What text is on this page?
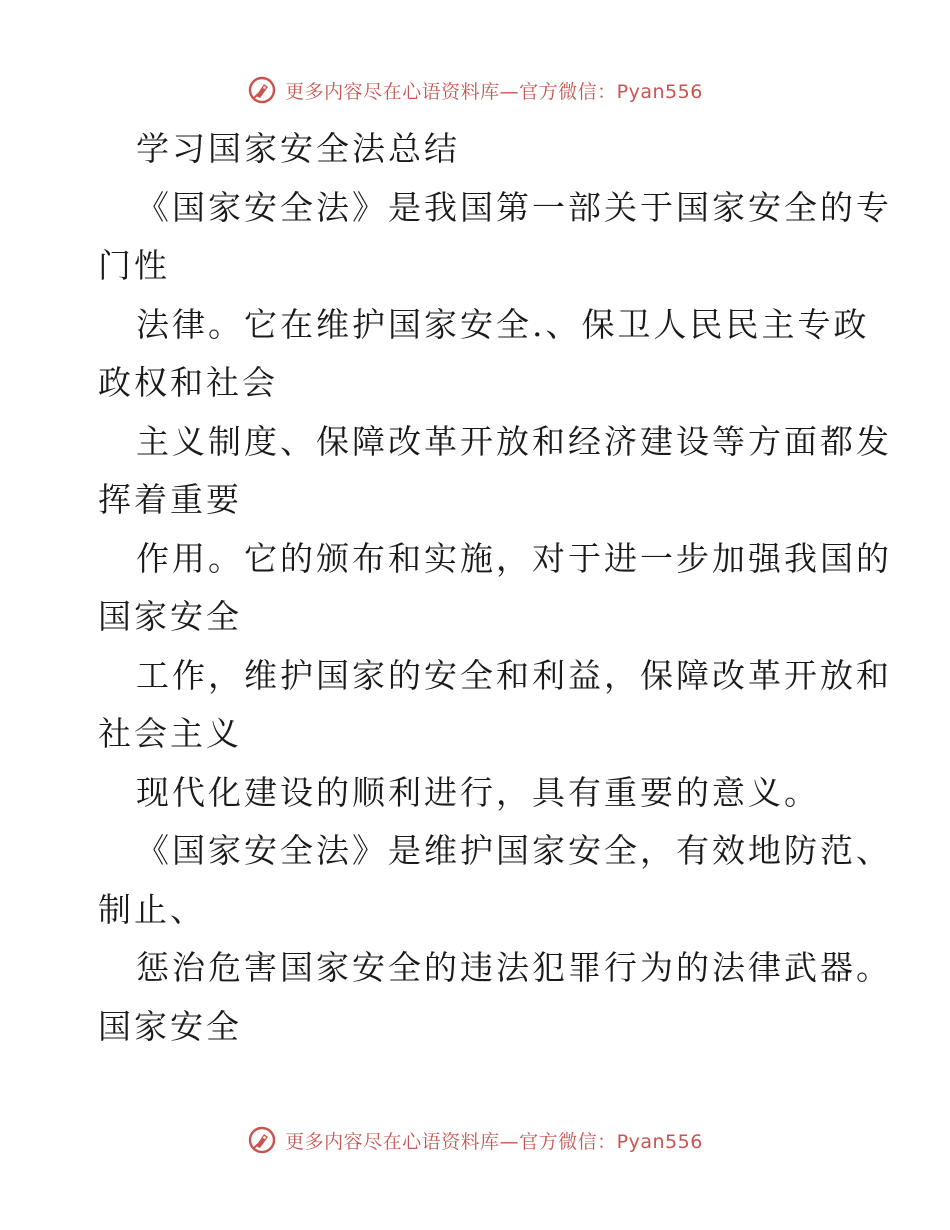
更多内容尽在心语资料库—官方微信：Pyan556
学习国家安全法总结
《国家安全法》是我国第一部关于国家安全的专
门性
法律。它在维护国家安全.、保卫人民民主专政
政权和社会
主义制度、保障改革开放和经济建设等方面都发
挥着重要
作用。它的颁布和实施，对于进一步加强我国的
国家安全
工作，维护国家的安全和利益，保障改革开放和
社会主义
现代化建设的顺利进行，具有重要的意义。
《国家安全法》是维护国家安全，有效地防范、
制止、
惩治危害国家安全的违法犯罪行为的法律武器。
国家安全
更多内容尽在心语资料库—官方微信：Pyan556
